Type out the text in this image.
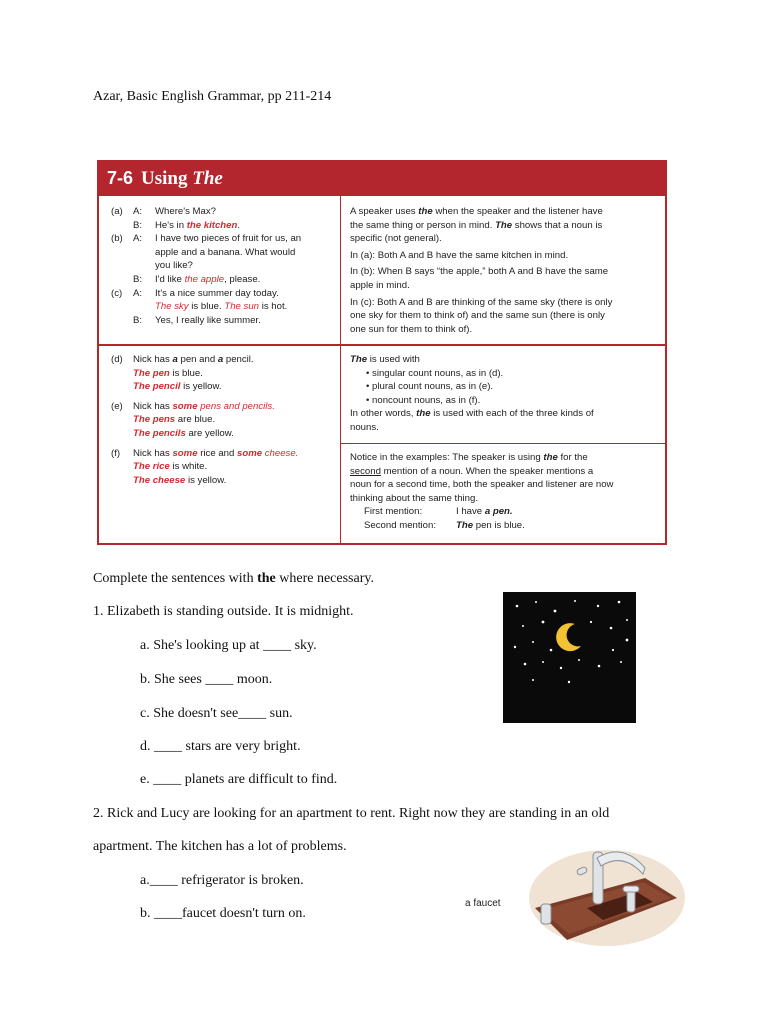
Azar, Basic English Grammar, pp 211-214
7-6 Using The
(a) A: Where's Max?
B: He's in the kitchen.
(b) A: I have two pieces of fruit for us, an
apple and a banana. What would
you like?
B: I'd like the apple, please.
(c) A: It's a nice summer day today.
The sky is blue. The sun is hot.
B: Yes, I really like summer.
A speaker uses the when the speaker and the listener have
the same thing or person in mind. The shows that a noun is
specific (not general).
In (a): Both A and B have the same kitchen in mind.
In (b): When B says “the apple,” both A and B have the same
apple in mind.
In (c): Both A and B are thinking of the same sky (there is only
one sky for them to think of) and the same sun (there is only
one sun for them to think of).
(d) Nick has a pen and a pencil.
The pen is blue.
The pencil is yellow.
(e) Nick has some pens and pencils.
The pens are blue.
The pencils are yellow.
(f) Nick has some rice and some cheese.
The rice is white.
The cheese is yellow.
The is used with
• singular count nouns, as in (d).
• plural count nouns, as in (e).
• noncount nouns, as in (f).
In other words, the is used with each of the three kinds of
nouns.
Notice in the examples: The speaker is using the for the
second mention of a noun. When the speaker mentions a
noun for a second time, both the speaker and listener are now
thinking about the same thing.
First mention:	I have a pen.
Second mention: The pen is blue.
Complete the sentences with the where necessary.
1. Elizabeth is standing outside. It is midnight.
a. She's looking up at ____ sky.
b. She sees ____ moon.
c. She doesn't see____ sun.
d. ____ stars are very bright.
e. ____ planets are difficult to find.
2. Rick and Lucy are looking for an apartment to rent. Right now they are standing in an old
apartment. The kitchen has a lot of problems.
a.____ refrigerator is broken.
b. ____faucet doesn't turn on.
a faucet
